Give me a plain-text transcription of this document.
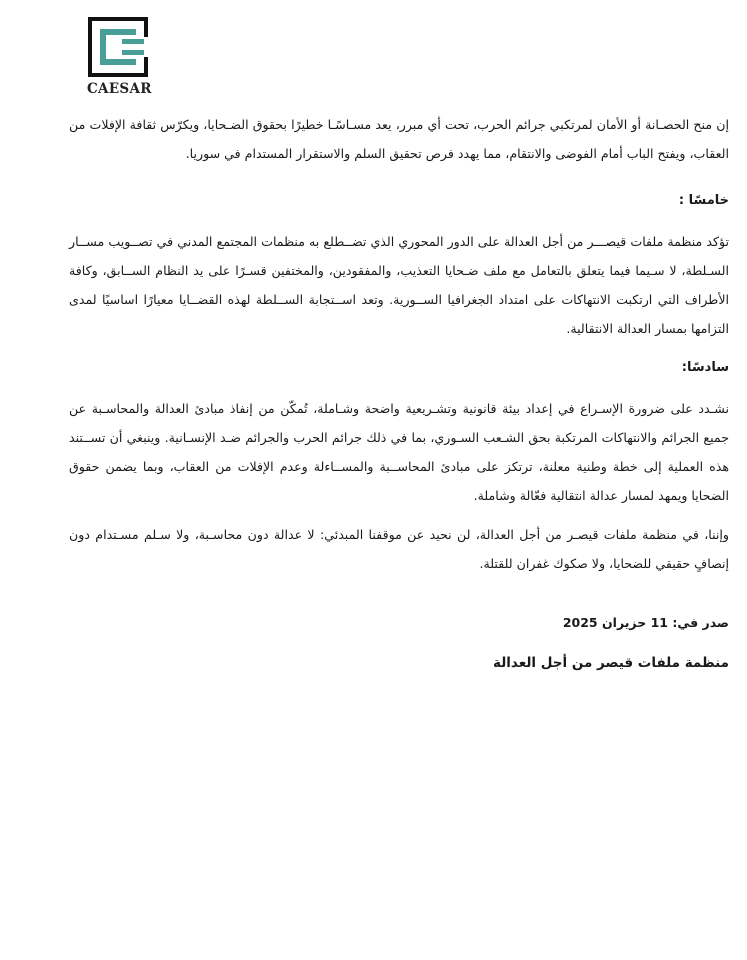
CAESAR

إن منح الحصـانة أو الأمان لمرتكبي جرائم الحرب، تحت أي مبرر، يعد مسـاسًـا خطيرًا بحقوق الضـحايا، ويكرّس ثقافة الإفلات من العقاب، ويفتح الباب أمام الفوضى والانتقام، مما يهدد فرص تحقيق السلم والاستقرار المستدام في سوريا.

خامسًا :

تؤكد منظمة ملفات قيصـــر من أجل العدالة على الدور المحوري الذي تضــطلع به منظمات المجتمع المدني في تصــويب مســار السـلطة، لا سـيما فيما يتعلق بالتعامل مع ملف ضـحايا التعذيب، والمفقودين، والمختفين قسـرًا على يد النظام الســابق، وكافة الأطراف التي ارتكبت الانتهاكات على امتداد الجغرافيا الســورية. وتعد اســتجابة الســلطة لهذه القضــايا معيارًا اساسيًا لمدى التزامها بمسار العدالة الانتقالية.

سادسًا:

نشـدد على ضرورة الإسـراع في إعداد بيئة قانونية وتشـريعية واضحة وشـاملة، تُمكّن من إنفاذ مبادئ العدالة والمحاسـبة عن جميع الجرائم والانتهاكات المرتكبة بحق الشـعب السـوري، بما في ذلك جرائم الحرب والجرائم ضـد الإنسـانية. وينبغي أن تســتند هذه العملية إلى خطة وطنية معلنة، ترتكز على مبادئ المحاســبة والمســاءلة وعدم الإفلات من العقاب، وبما يضمن حقوق الضحايا ويمهد لمسار عدالة انتقالية فعّالة وشاملة.

وإننا، في منظمة ملفات قيصـر من أجل العدالة، لن نحيد عن موقفنا المبدئي: لا عدالة دون محاسـبة، ولا سـلم مسـتدام دون إنصافٍ حقيقي للضحايا، ولا صكوك غفران للقتلة.

صدر في: 11 حزيران 2025

منظمة ملفات قيصر من أجل العدالة
